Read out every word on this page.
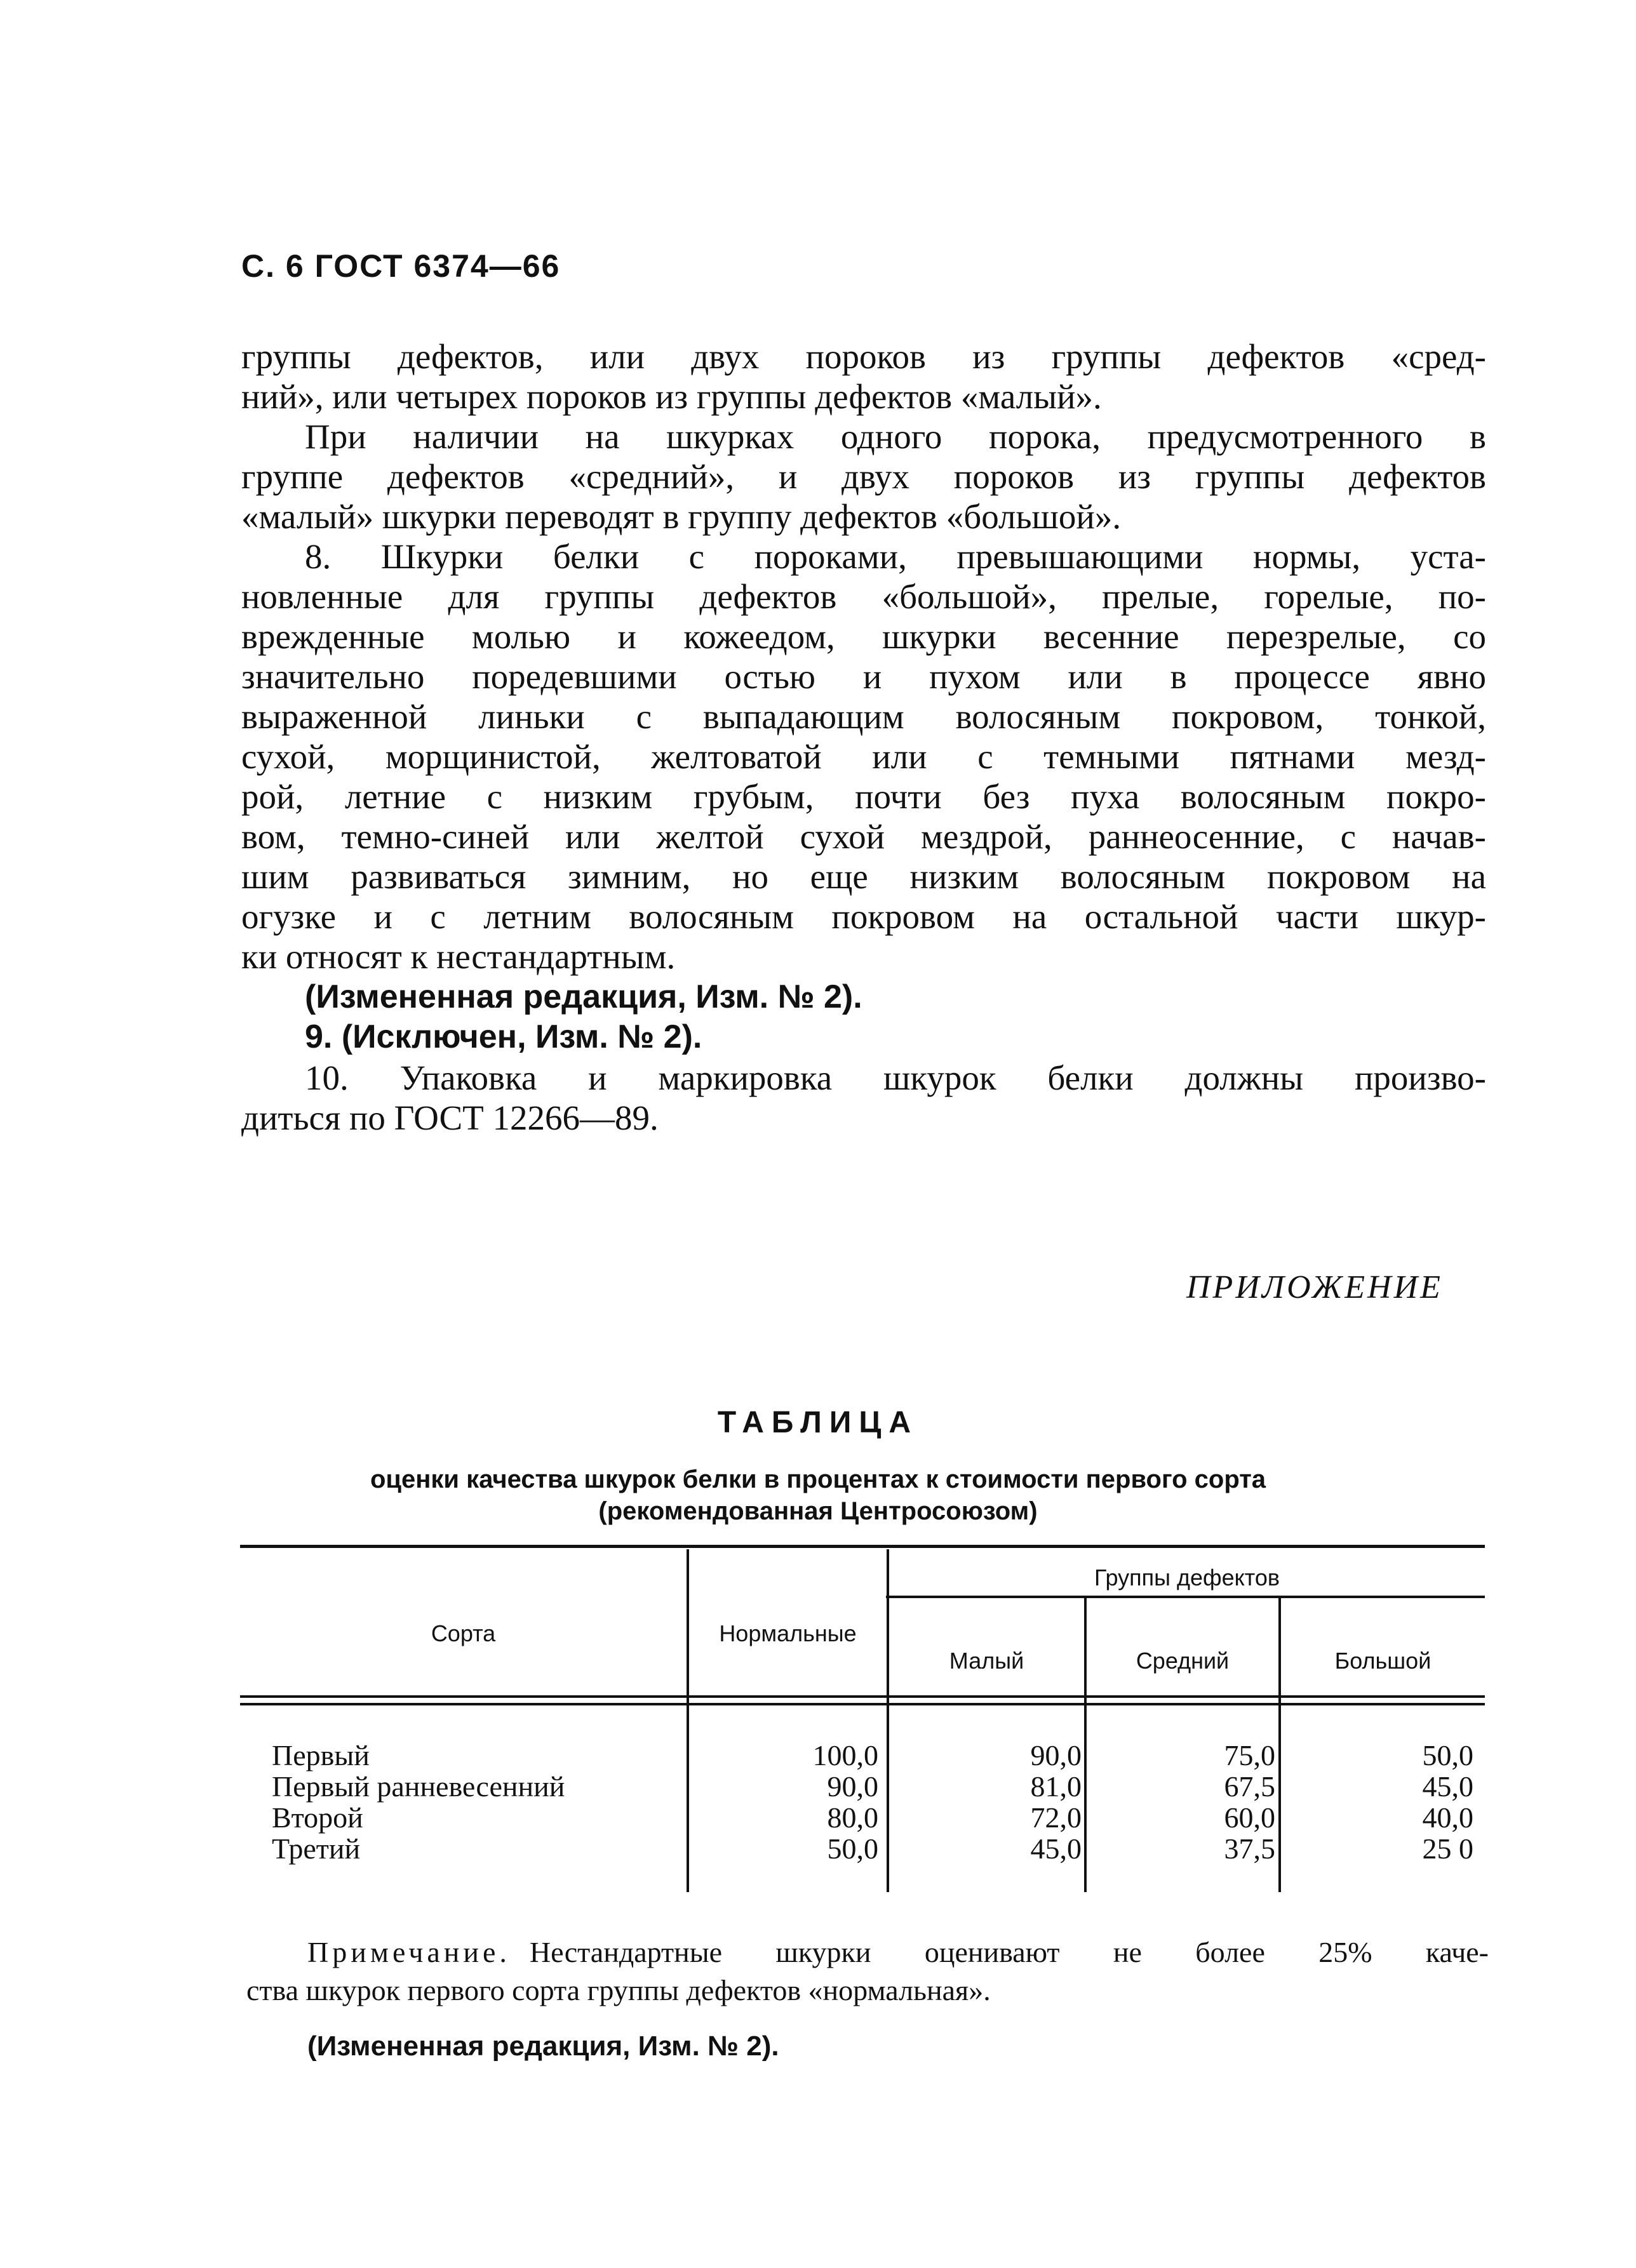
С. 6 ГОСТ 6374—66
группы дефектов, или двух пороков из группы дефектов «сред-
ний», или четырех пороков из группы дефектов «малый».
При наличии на шкурках одного порока, предусмотренного в
группе дефектов «средний», и двух пороков из группы дефектов
«малый» шкурки переводят в группу дефектов «большой».
8. Шкурки белки с пороками, превышающими нормы, уста-
новленные для группы дефектов «большой», прелые, горелые, по-
врежденные молью и кожеедом, шкурки весенние перезрелые, со
значительно поредевшими остью и пухом или в процессе явно
выраженной линьки с выпадающим волосяным покровом, тонкой,
сухой, морщинистой, желтоватой или с темными пятнами мезд-
рой, летние с низким грубым, почти без пуха волосяным покро-
вом, темно-синей или желтой сухой мездрой, раннеосенние, с начав-
шим развиваться зимним, но еще низким волосяным покровом на
огузке и с летним волосяным покровом на остальной части шкур-
ки относят к нестандартным.
(Измененная редакция, Изм. № 2).
9. (Исключен, Изм. № 2).
10. Упаковка и маркировка шкурок белки должны произво-
диться по ГОСТ 12266—89.
ПРИЛОЖЕНИЕ
ТАБЛИЦА
оценки качества шкурок белки в процентах к стоимости первого сорта
(рекомендованная Центросоюзом)
Сорта	Нормальные
Группы дефектов
Малый	Средний	Большой
Первый	100,0	90,0	75,0	50,0
Первый ранневесенний	90,0	81,0	67,5	45,0
Второй	80,0	72,0	60,0	40,0
Третий	50,0	45,0	37,5	25 0
Примечание. Нестандартные шкурки оценивают не более 25% каче-
ства шкурок первого сорта группы дефектов «нормальная».
(Измененная редакция, Изм. № 2).
